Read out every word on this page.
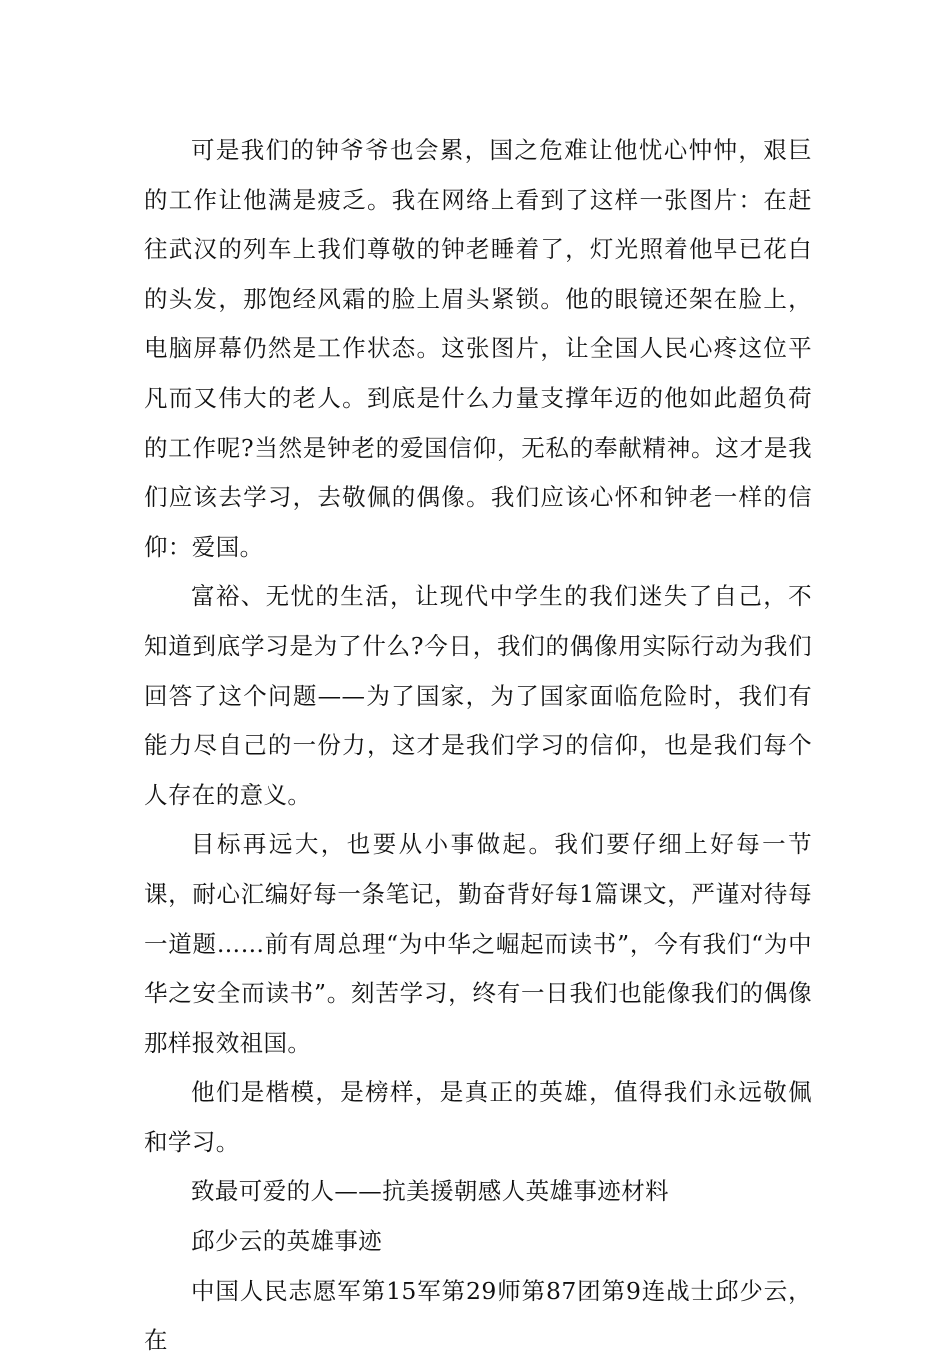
可是我们的钟爷爷也会累，国之危难让他忧心忡忡，艰巨的工作让他满是疲乏。我在网络上看到了这样一张图片：在赶往武汉的列车上我们尊敬的钟老睡着了，灯光照着他早已花白的头发，那饱经风霜的脸上眉头紧锁。他的眼镜还架在脸上，电脑屏幕仍然是工作状态。这张图片，让全国人民心疼这位平凡而又伟大的老人。到底是什么力量支撑年迈的他如此超负荷的工作呢?当然是钟老的爱国信仰，无私的奉献精神。这才是我们应该去学习，去敬佩的偶像。我们应该心怀和钟老一样的信仰：爱国。

富裕、无忧的生活，让现代中学生的我们迷失了自己，不知道到底学习是为了什么?今日，我们的偶像用实际行动为我们回答了这个问题——为了国家，为了国家面临危险时，我们有能力尽自己的一份力，这才是我们学习的信仰，也是我们每个人存在的意义。

目标再远大，也要从小事做起。我们要仔细上好每一节课，耐心汇编好每一条笔记，勤奋背好每1篇课文，严谨对待每一道题……前有周总理“为中华之崛起而读书”，今有我们“为中华之安全而读书”。刻苦学习，终有一日我们也能像我们的偶像那样报效祖国。

他们是楷模，是榜样，是真正的英雄，值得我们永远敬佩和学习。

致最可爱的人——抗美援朝感人英雄事迹材料

邱少云的英雄事迹

中国人民志愿军第15军第29师第87团第9连战士邱少云，在
